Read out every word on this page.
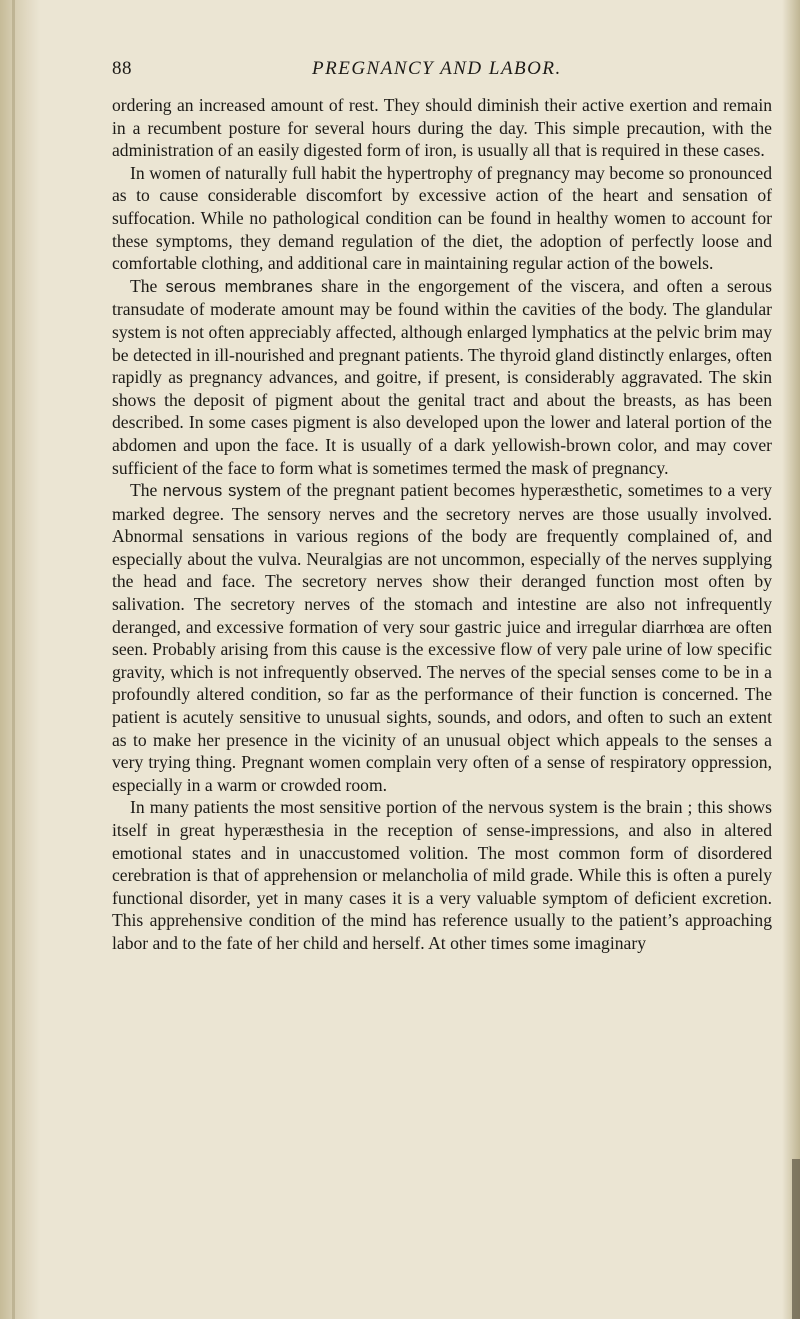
88	PREGNANCY AND LABOR.

ordering an increased amount of rest. They should diminish their active exertion and remain in a recumbent posture for several hours during the day. This simple precaution, with the administration of an easily digested form of iron, is usually all that is required in these cases.

In women of naturally full habit the hypertrophy of pregnancy may become so pronounced as to cause considerable discomfort by excessive action of the heart and sensation of suffocation. While no pathological condition can be found in healthy women to account for these symptoms, they demand regulation of the diet, the adoption of perfectly loose and comfortable clothing, and additional care in maintaining regular action of the bowels.

The serous membranes share in the engorgement of the viscera, and often a serous transudate of moderate amount may be found within the cavities of the body. The glandular system is not often appreciably affected, although enlarged lymphatics at the pelvic brim may be detected in ill-nourished and pregnant patients. The thyroid gland distinctly enlarges, often rapidly as pregnancy advances, and goitre, if present, is considerably aggravated. The skin shows the deposit of pigment about the genital tract and about the breasts, as has been described. In some cases pigment is also developed upon the lower and lateral portion of the abdomen and upon the face. It is usually of a dark yellowish-brown color, and may cover sufficient of the face to form what is sometimes termed the mask of pregnancy.

The nervous system of the pregnant patient becomes hyperæsthetic, sometimes to a very marked degree. The sensory nerves and the secretory nerves are those usually involved. Abnormal sensations in various regions of the body are frequently complained of, and especially about the vulva. Neuralgias are not uncommon, especially of the nerves supplying the head and face. The secretory nerves show their deranged function most often by salivation. The secretory nerves of the stomach and intestine are also not infrequently deranged, and excessive formation of very sour gastric juice and irregular diarrhœa are often seen. Probably arising from this cause is the excessive flow of very pale urine of low specific gravity, which is not infrequently observed. The nerves of the special senses come to be in a profoundly altered condition, so far as the performance of their function is concerned. The patient is acutely sensitive to unusual sights, sounds, and odors, and often to such an extent as to make her presence in the vicinity of an unusual object which appeals to the senses a very trying thing. Pregnant women complain very often of a sense of respiratory oppression, especially in a warm or crowded room.

In many patients the most sensitive portion of the nervous system is the brain ; this shows itself in great hyperæsthesia in the reception of sense-impressions, and also in altered emotional states and in unaccustomed volition. The most common form of disordered cerebration is that of apprehension or melancholia of mild grade. While this is often a purely functional disorder, yet in many cases it is a very valuable symptom of deficient excretion. This apprehensive condition of the mind has reference usually to the patient’s approaching labor and to the fate of her child and herself. At other times some imaginary
